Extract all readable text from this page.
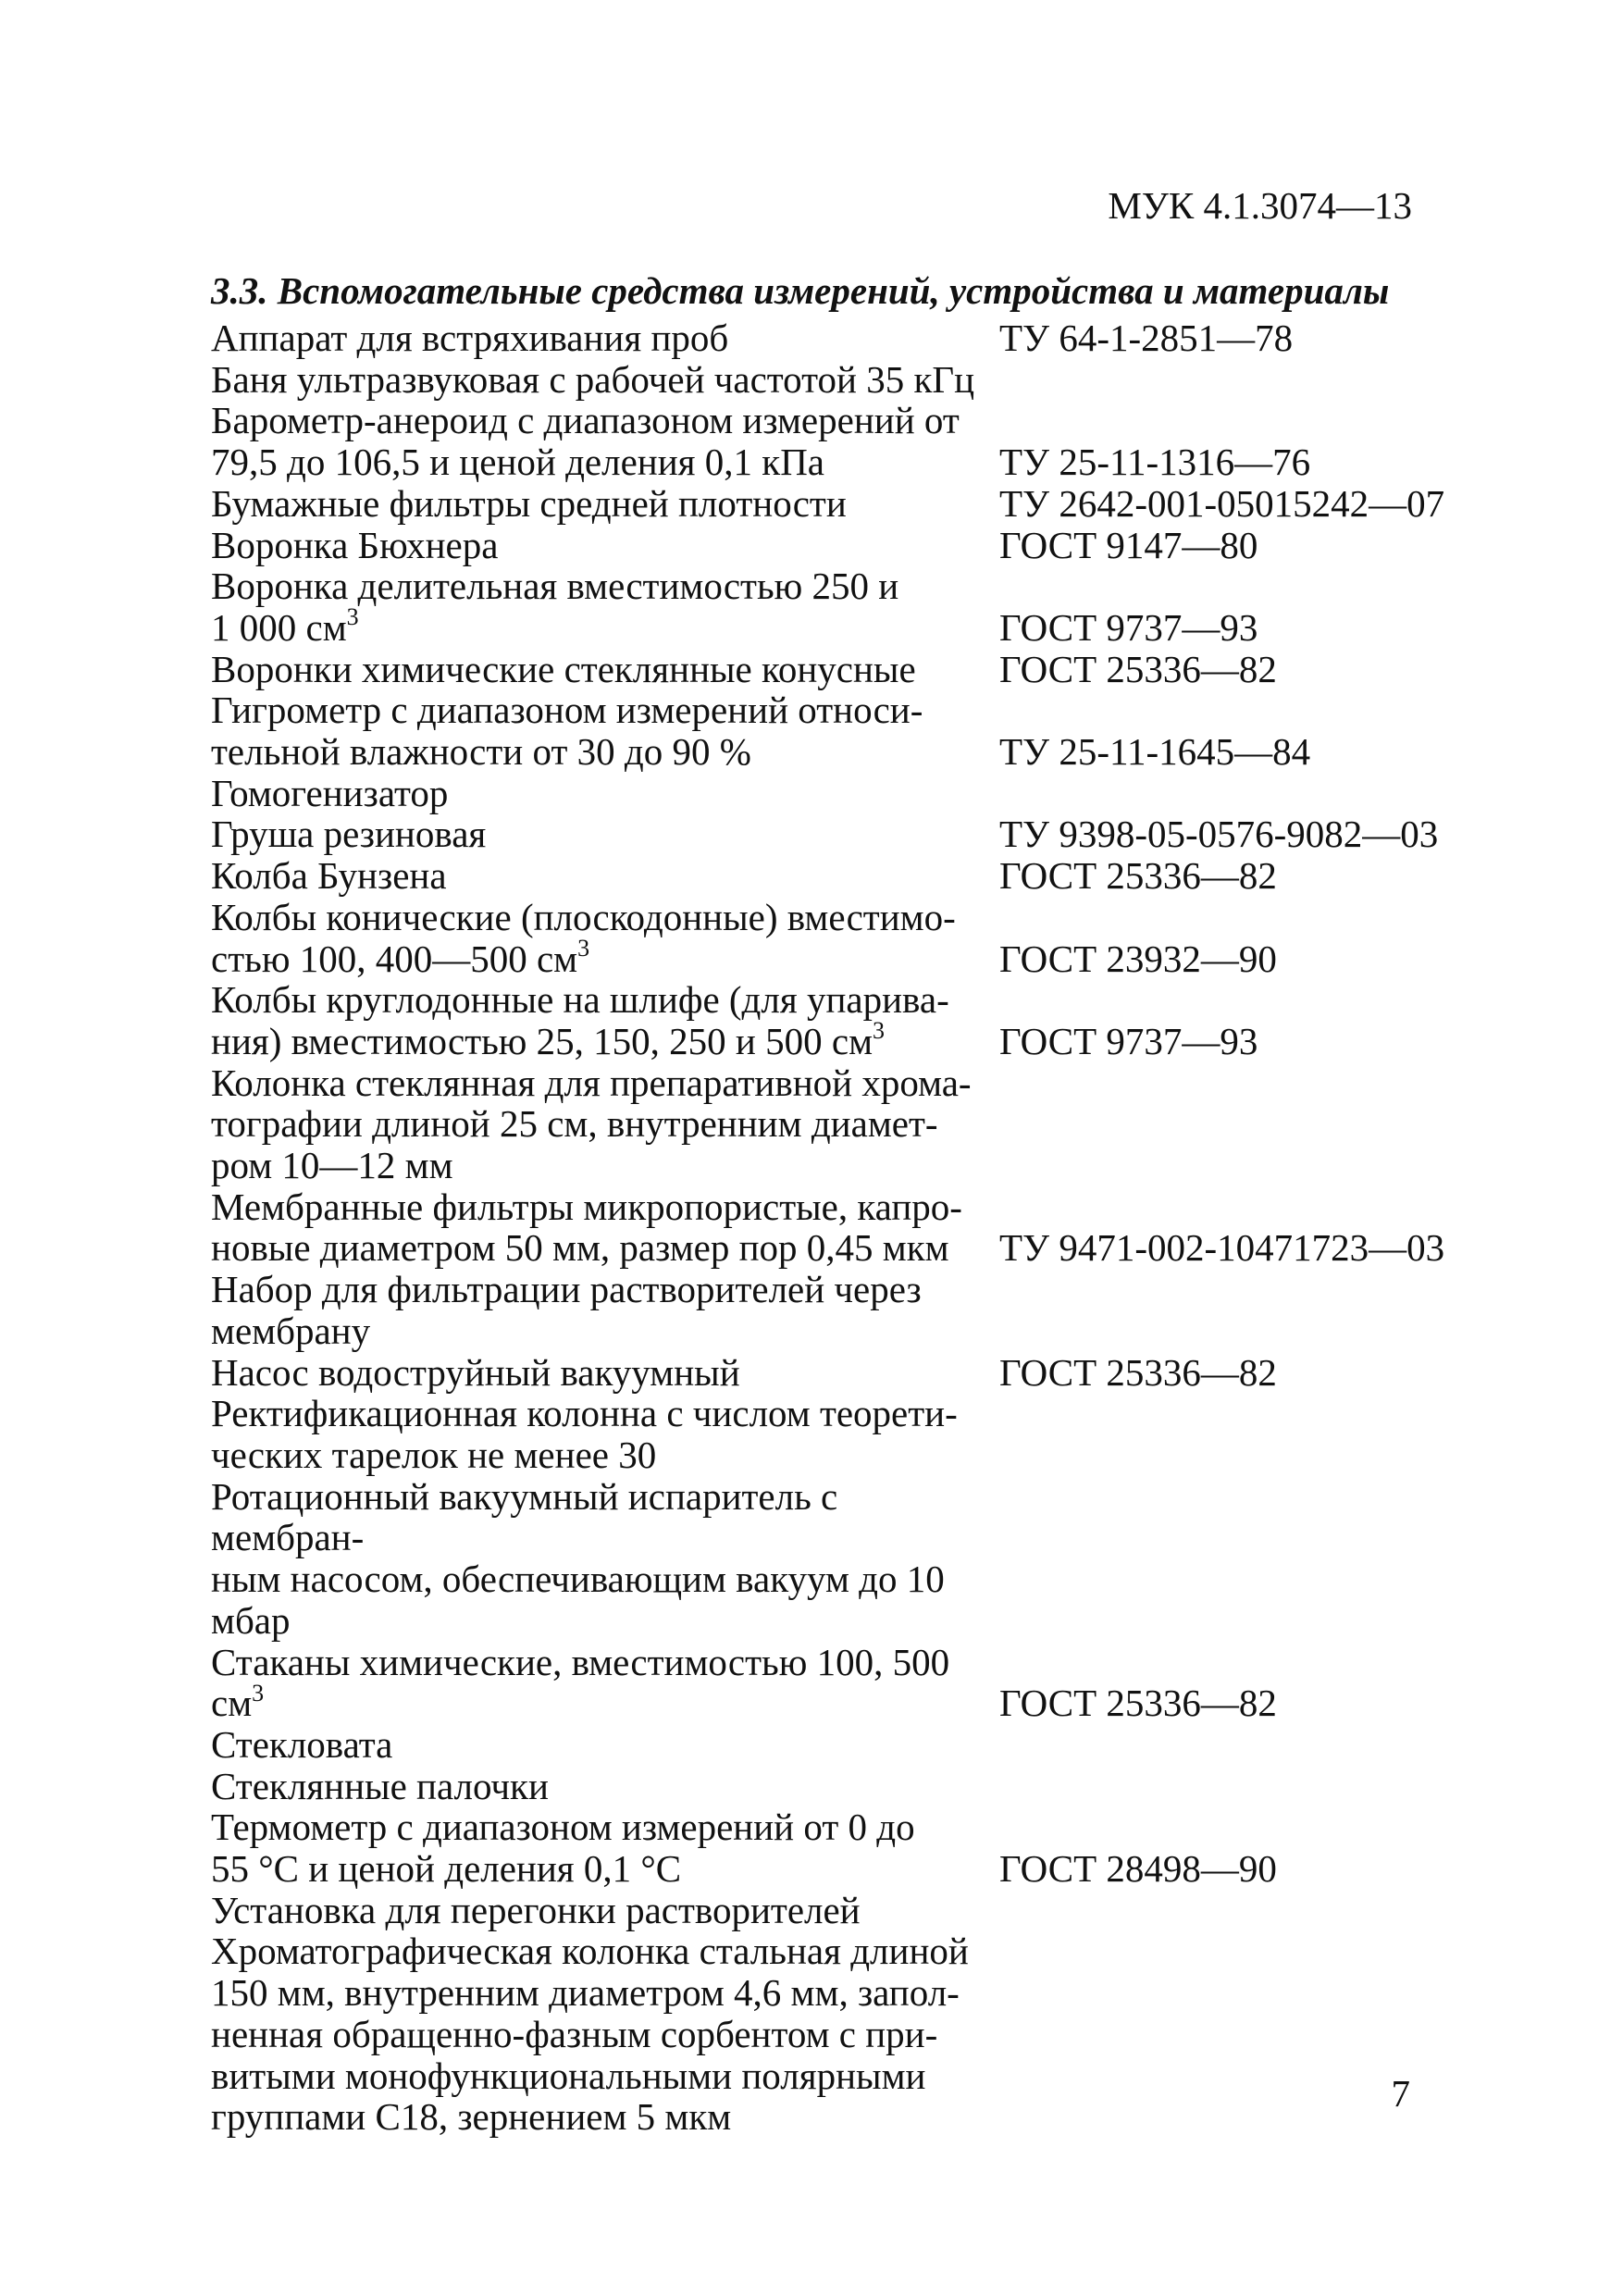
МУК 4.1.3074—13

3.3. Вспомогательные средства измерений, устройства и материалы
Аппарат для встряхивания проб	ТУ 64-1-2851—78
Баня ультразвуковая с рабочей частотой 35 кГц
Барометр-анероид с диапазоном измерений от
79,5 до 106,5 и ценой деления 0,1 кПа	ТУ 25-11-1316—76
Бумажные фильтры средней плотности	ТУ 2642-001-05015242—07
Воронка Бюхнера	ГОСТ 9147—80
Воронка делительная вместимостью 250 и
1 000 $см^3$	ГОСТ 9737—93
Воронки химические стеклянные конусные	ГОСТ 25336—82
Гигрометр с диапазоном измерений относи-
тельной влажности от 30 до 90 %	ТУ 25-11-1645—84
Гомогенизатор
Груша резиновая	ТУ 9398-05-0576-9082—03
Колба Бунзена	ГОСТ 25336—82
Колбы конические (плоскодонные) вместимо-
стью 100, 400—500 $см^3$	ГОСТ 23932—90
Колбы круглодонные на шлифе (для упарива-
ния) вместимостью 25, 150, 250 и 500 $см^3$	ГОСТ 9737—93
Колонка стеклянная для препаративной хрома-
тографии длиной 25 см, внутренним диамет-
ром 10—12 мм
Мембранные фильтры микропористые, капро-
новые диаметром 50 мм, размер пор 0,45 мкм	ТУ 9471-002-10471723—03
Набор для фильтрации растворителей через
мембрану
Насос водоструйный вакуумный	ГОСТ 25336—82
Ректификационная колонна с числом теорети-
ческих тарелок не менее 30
Ротационный вакуумный испаритель с мембран-
ным насосом, обеспечивающим вакуум до 10 мбар
Стаканы химические, вместимостью 100, 500 $см^3$	ГОСТ 25336—82
Стекловата
Стеклянные палочки
Термометр с диапазоном измерений от 0 до
55 °С и ценой деления 0,1 °С	ГОСТ 28498—90
Установка для перегонки растворителей
Хроматографическая колонка стальная длиной
150 мм, внутренним диаметром 4,6 мм, запол-
ненная обращенно-фазным сорбентом с при-
витыми монофункциональными полярными
группами С18, зернением 5 мкм

7
